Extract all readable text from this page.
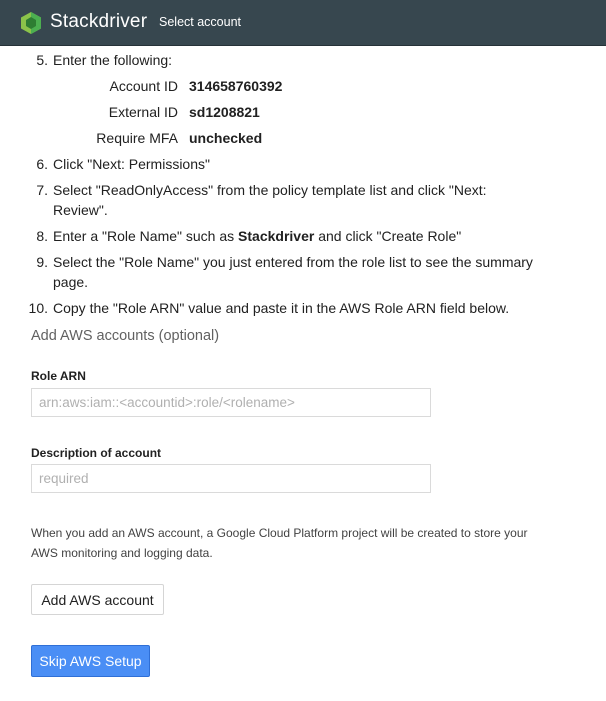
Stackdriver Select account
5. Enter the following:
Account ID 314658760392
External ID sd1208821
Require MFA unchecked
6. Click "Next: Permissions"
7. Select "ReadOnlyAccess" from the policy template list and click "Next: Review".
8. Enter a "Role Name" such as Stackdriver and click "Create Role"
9. Select the "Role Name" you just entered from the role list to see the summary page.
10. Copy the "Role ARN" value and paste it in the AWS Role ARN field below.
Add AWS accounts (optional)
Role ARN
arn:aws:iam::<accountid>:role/<rolename>
Description of account
required
When you add an AWS account, a Google Cloud Platform project will be created to store your AWS monitoring and logging data.
Add AWS account
Skip AWS Setup
